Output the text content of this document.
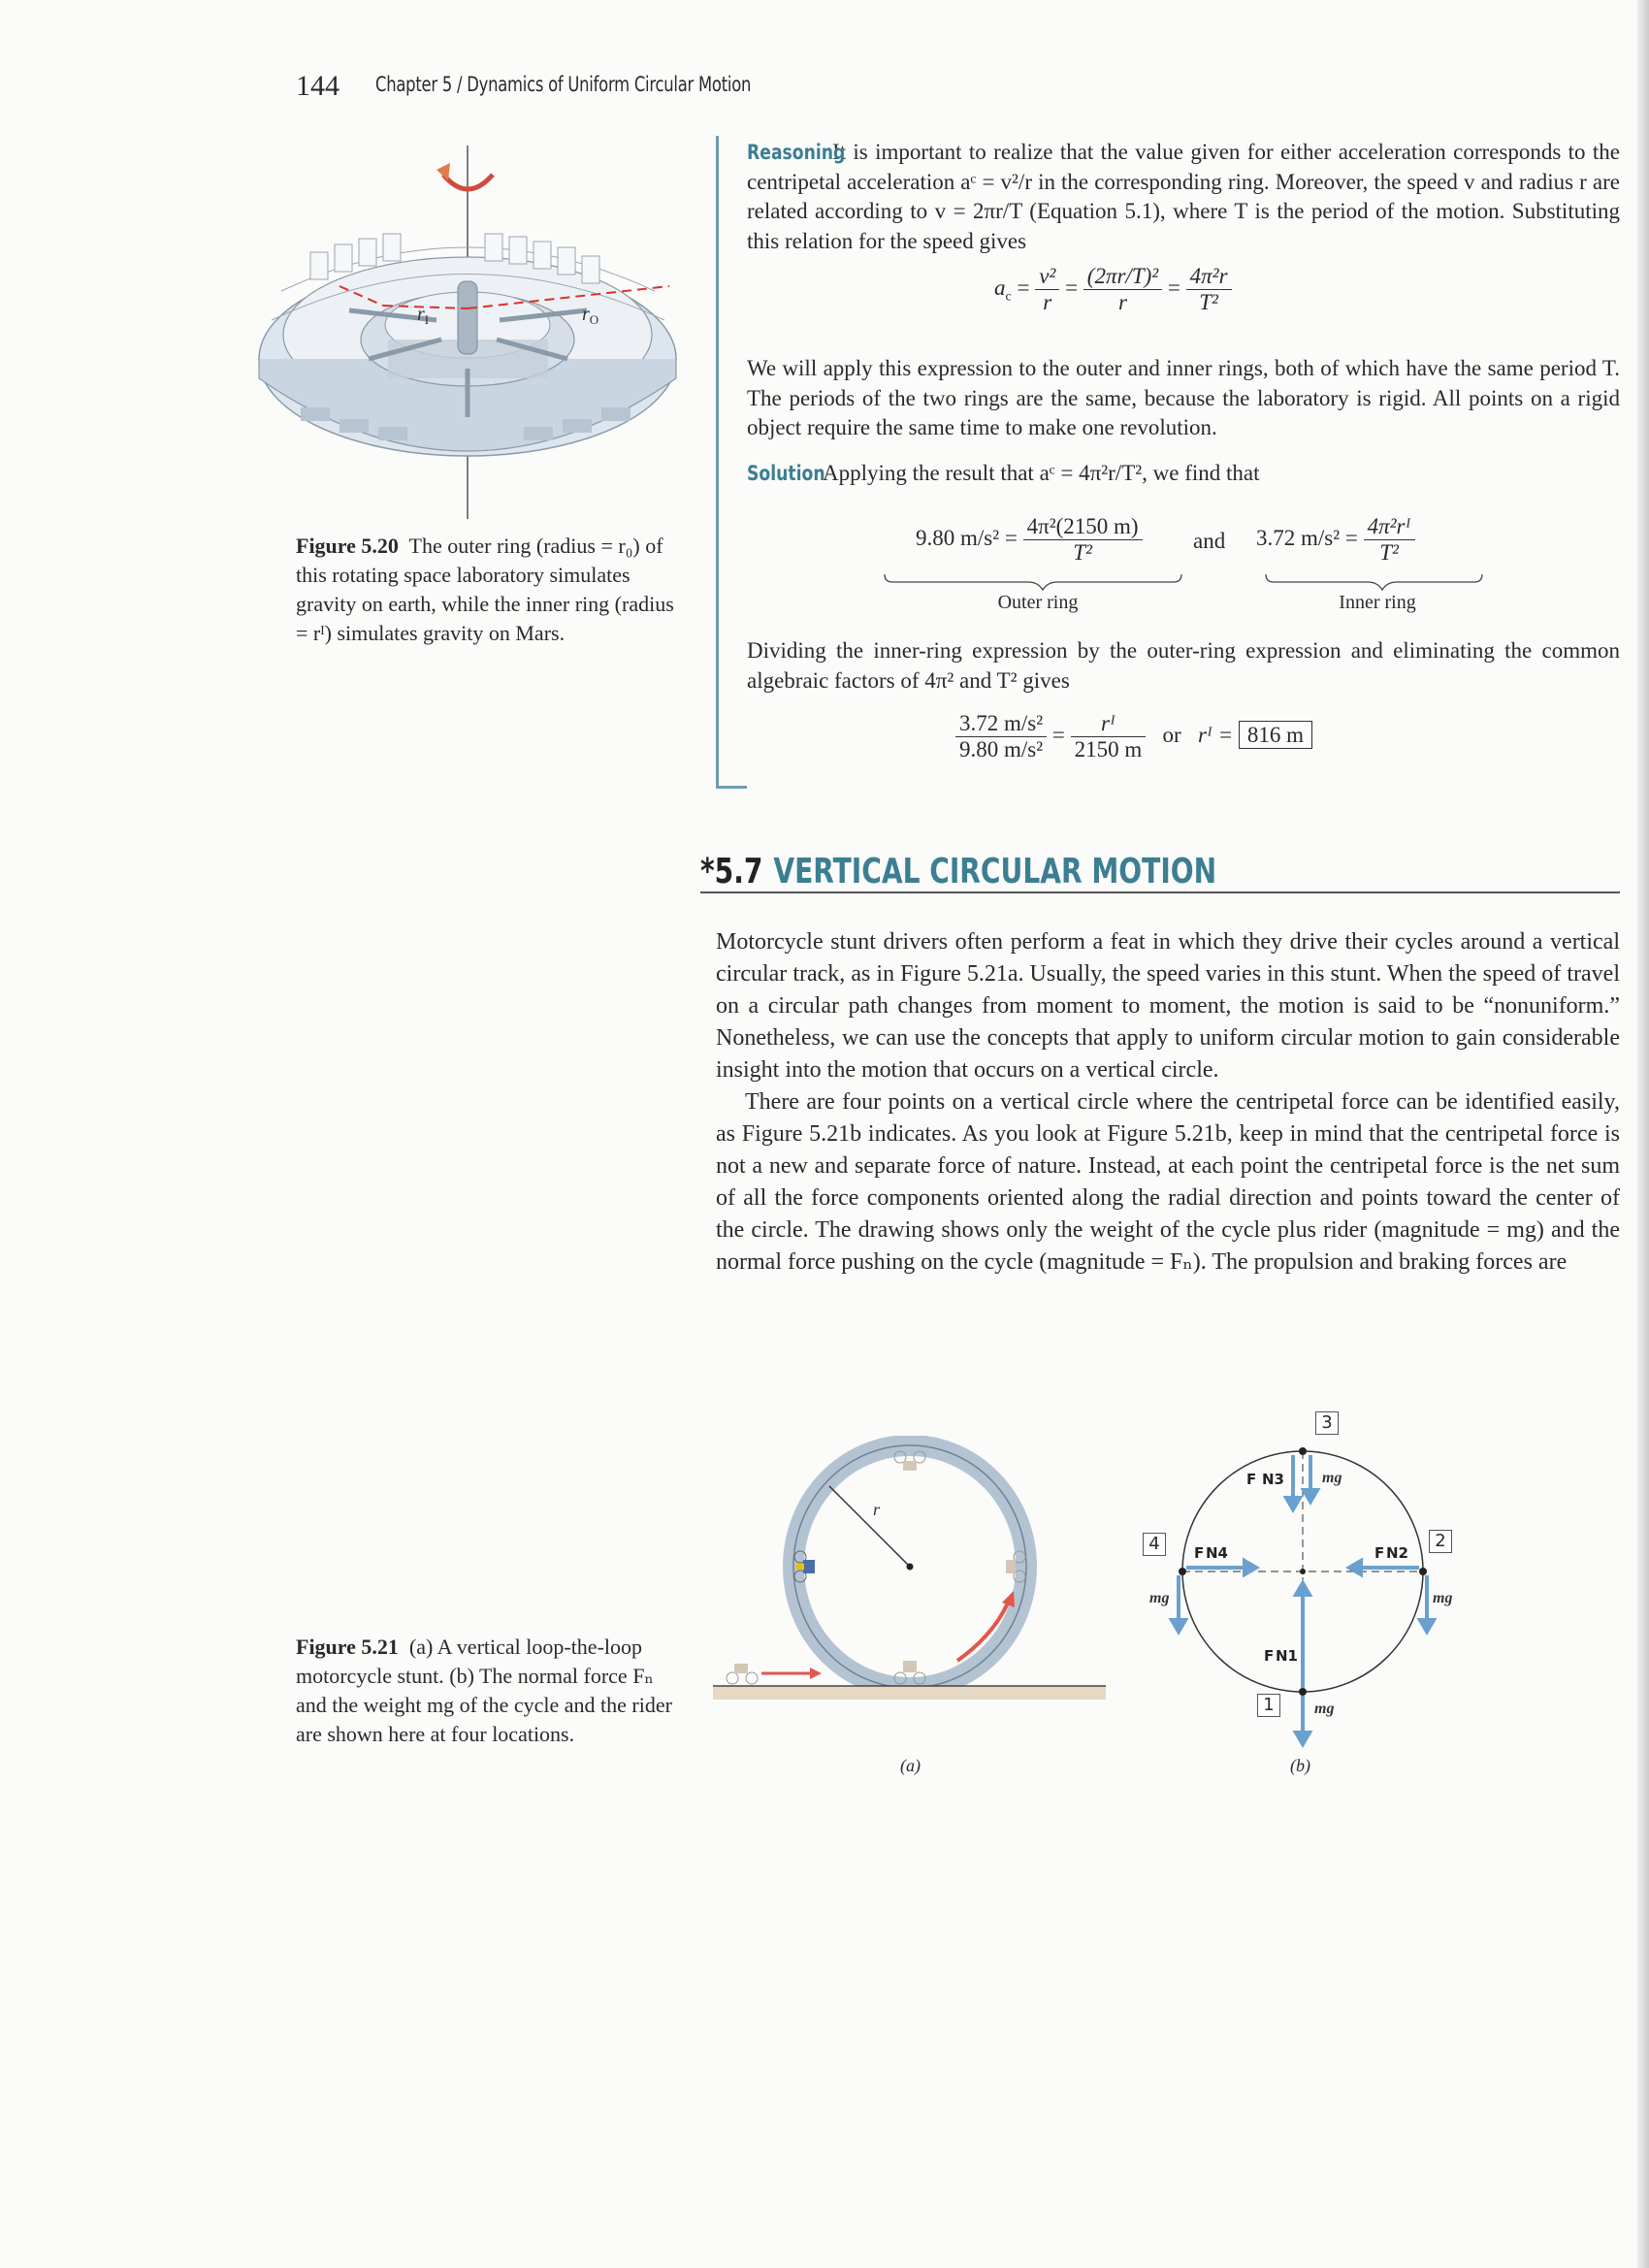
144 Chapter 5 / Dynamics of Uniform Circular Motion
$r_I$	$r_O$
Figure 5.20 The outer ring (radius = r₀) of this rotating space laboratory simulates gravity on earth, while the inner ring (radius = rᴵ) simulates gravity on Mars.

ReasoningIt is important to realize that the value given for either acceleration corresponds to the centripetal acceleration aᶜ = v²/r in the corresponding ring. Moreover, the speed v and radius r are related according to v = 2πr/T (Equation 5.1), where T is the period of the motion. Substituting this relation for the speed gives

$a_c = \frac{\text{v²}}{r} = \frac{\text{(2πr/T)²}}{r} = \frac{\text{4π²r}}{\text{T²}}$

We will apply this expression to the outer and inner rings, both of which have the same period T. The periods of the two rings are the same, because the laboratory is rigid. All points on a rigid object require the same time to make one revolution.

SolutionApplying the result that aᶜ = 4π²r/T², we find that

9.80 $m/s^2 = \frac{\text{4π²(2150 m)}}{\text{T²}}$ and 3.72 $m/s^2 = \frac{\text{4π²rᴵ}}{\text{T²}}$
Outer ring	Inner ring

Dividing the inner-ring expression by the outer-ring expression and eliminating the common algebraic factors of 4π² and T² gives

$\frac{\text{3.72 m/s²}}{\text{9.80 m/s²}} = \frac{\text{rᴵ}}{2150 m}$ or rᴵ = 816 m
*5.7 VERTICAL CIRCULAR MOTION

Motorcycle stunt drivers often perform a feat in which they drive their cycles around a vertical circular track, as in Figure 5.21a. Usually, the speed varies in this stunt. When the speed of travel on a circular path changes from moment to moment, the motion is said to be “nonuniform.” Nonetheless, we can use the concepts that apply to uniform circular motion to gain considerable insight into the motion that occurs on a vertical circle.

There are four points on a vertical circle where the centripetal force can be identified easily, as Figure 5.21b indicates. As you look at Figure 5.21b, keep in mind that the centripetal force is not a new and separate force of nature. Instead, at each point the centripetal force is the net sum of all the force components oriented along the radial direction and points toward the center of the circle. The drawing shows only the weight of the cycle plus rider (magnitude = mg) and the normal force pushing on the cycle (magnitude = Fₙ). The propulsion and braking forces are

Figure 5.21 (a) A vertical loop-the-loop motorcycle stunt. (b) The normal force Fₙ and the weight mg of the cycle and the rider are shown here at four locations.
r
(a)
N3
F
F N4	F N2
F N1
mg
mg	mg
mg
3
2
4
1
(b)
